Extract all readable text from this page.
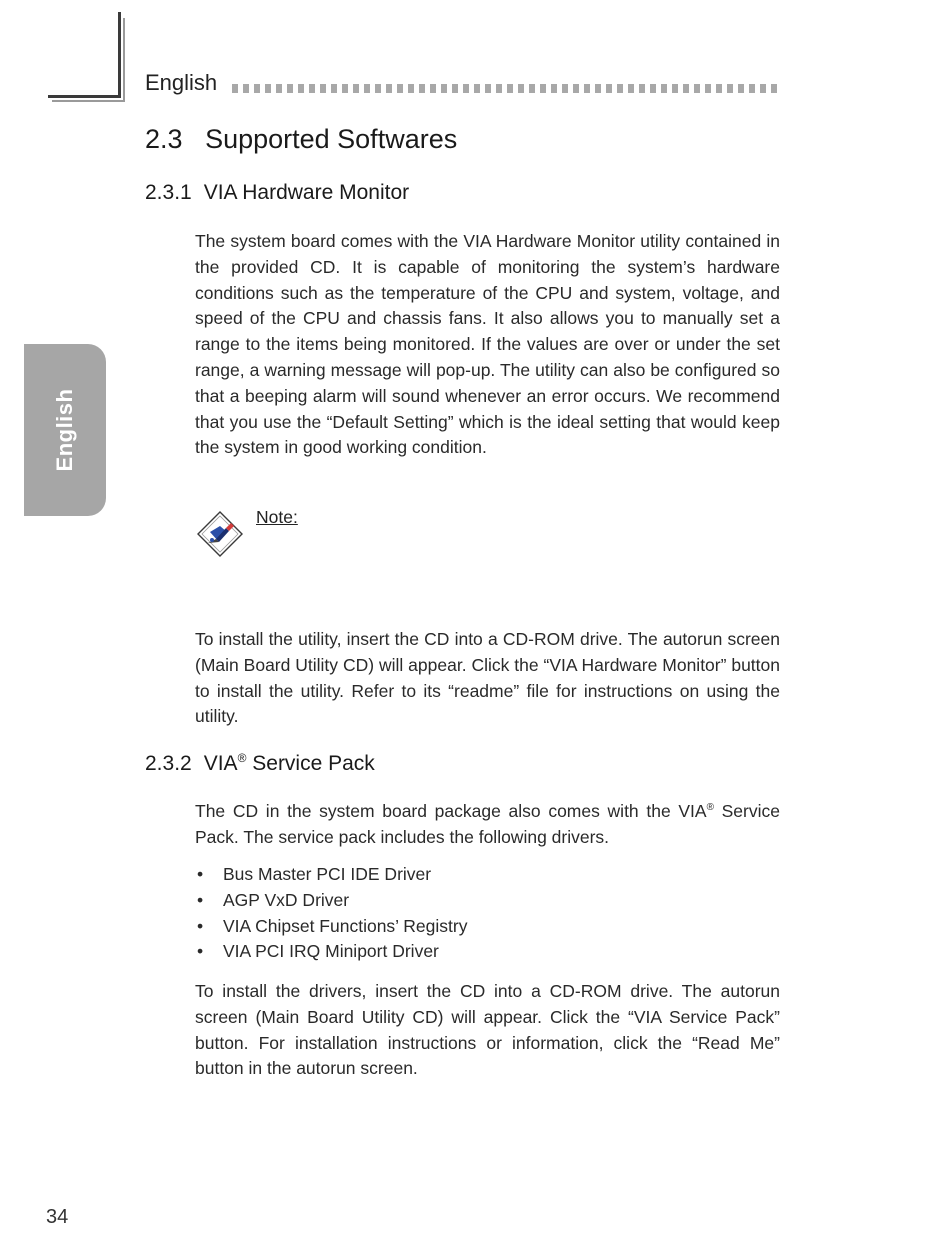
English
English
2.3 Supported Softwares
2.3.1 VIA Hardware Monitor

The system board comes with the VIA Hardware Monitor utility contained in the provided CD. It is capable of monitoring the system’s hardware conditions such as the temperature of the CPU and system, voltage, and speed of the CPU and chassis fans. It also allows you to manually set a range to the items being monitored. If the values are over or under the set range, a warning message will pop-up. The utility can also be configured so that a beeping alarm will sound whenever an error occurs. We recommend that you use the “Default Setting” which is the ideal setting that would keep the system in good working condition.

Note:

To install the utility, insert the CD into a CD-ROM drive. The autorun screen (Main Board Utility CD) will appear. Click the “VIA Hardware Monitor” button to install the utility. Refer to its “readme” file for instructions on using the utility.

2.3.2 VIA® Service Pack

The CD in the system board package also comes with the VIA® Service Pack. The service pack includes the following drivers.

• Bus Master PCI IDE Driver
• AGP VxD Driver
• VIA Chipset Functions’ Registry
• VIA PCI IRQ Miniport Driver

To install the drivers, insert the CD into a CD-ROM drive. The autorun screen (Main Board Utility CD) will appear. Click the “VIA Service Pack” button. For installation instructions or information, click the “Read Me” button in the autorun screen.

34
